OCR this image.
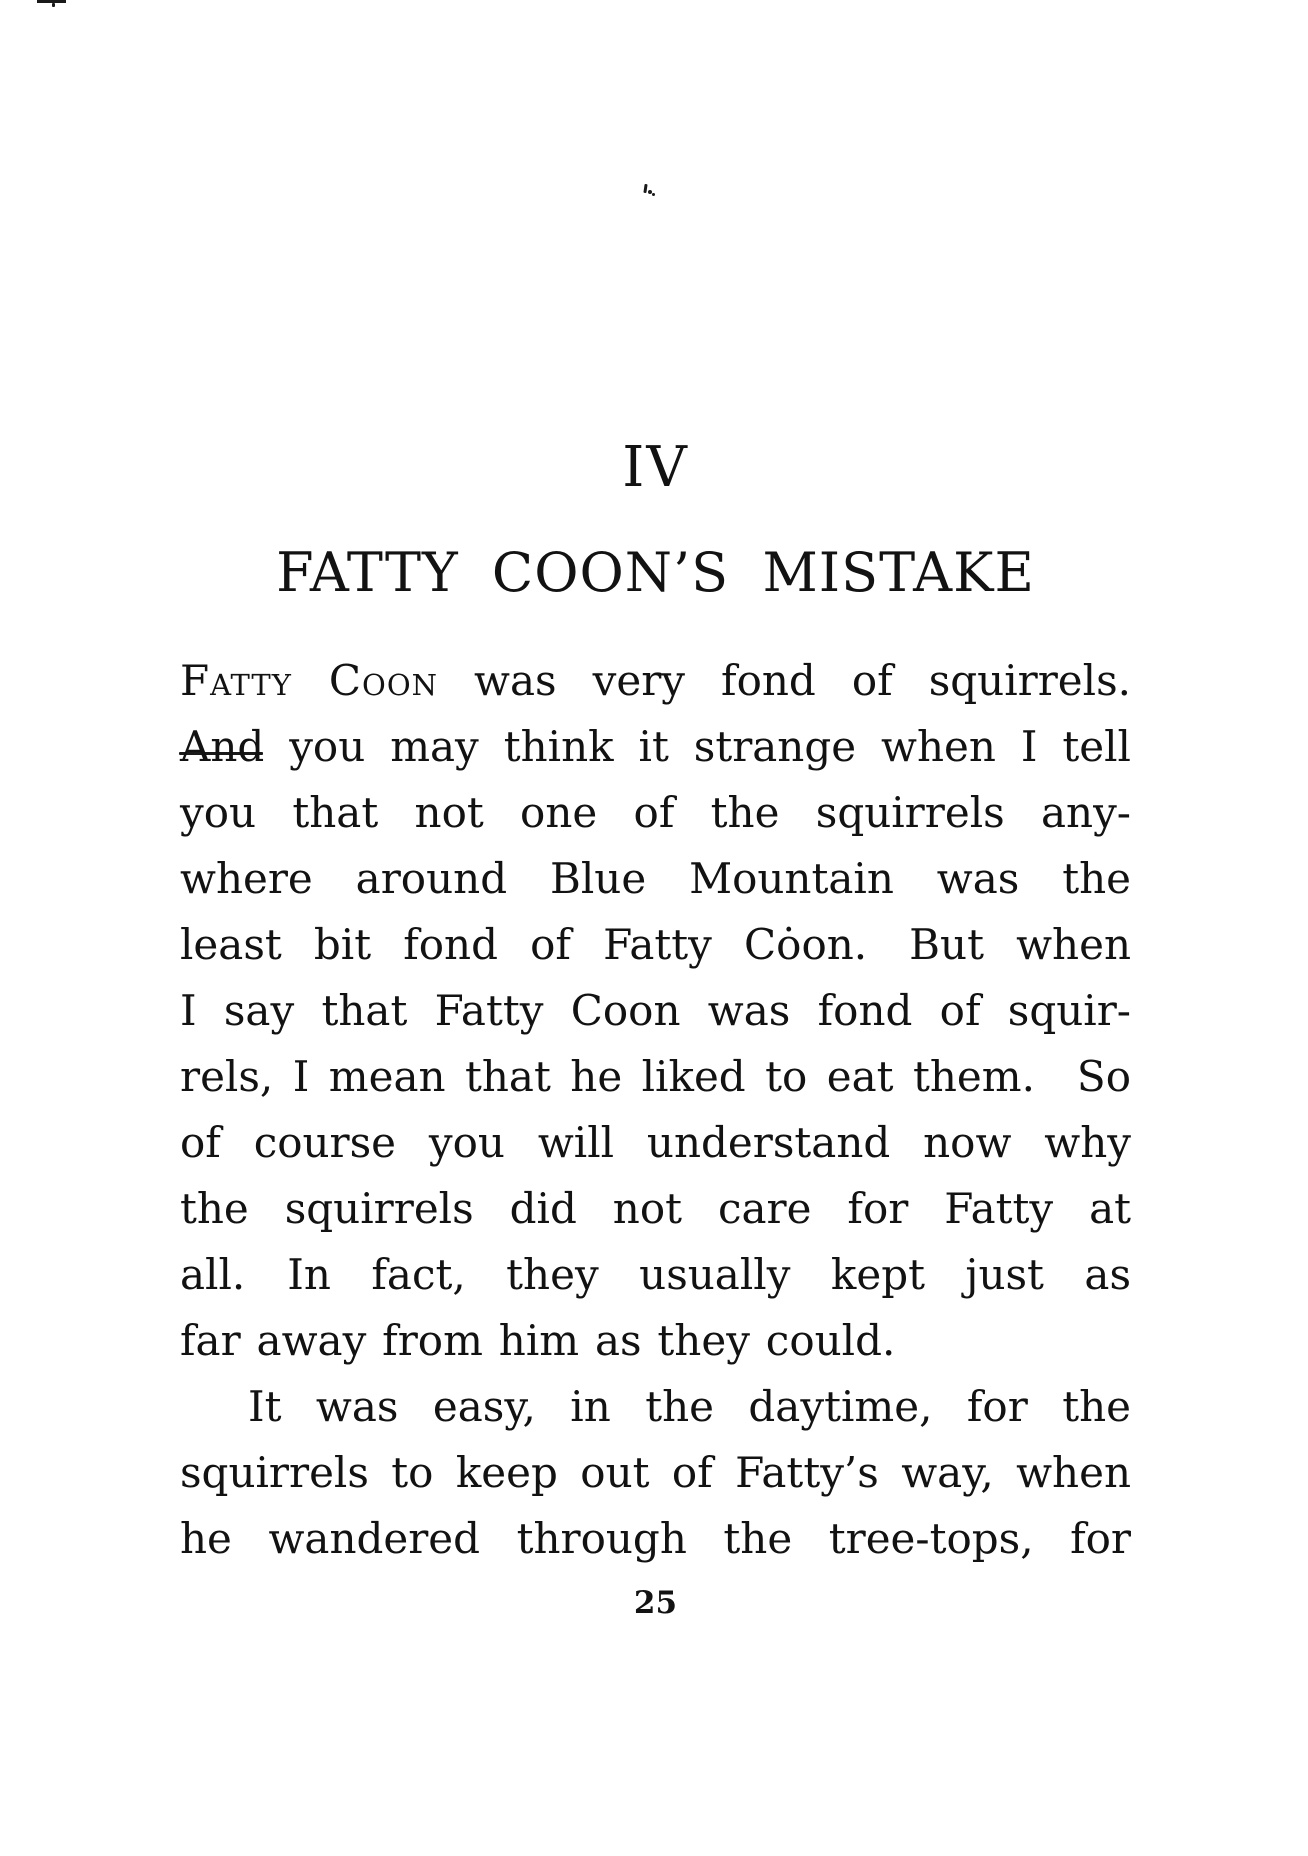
IV
FATTY COON’S MISTAKE
Fatty Coon was very fond of squirrels.
And you may think it strange when I tell
you that not one of the squirrels any-
where around Blue Mountain was the
least bit fond of Fatty Cȯon. But when
I say that Fatty Coon was fond of squir-
rels, I mean that he liked to eat them. So
of course you will understand now why
the squirrels did not care for Fatty at
all. In fact, they usually kept just as
far away from him as they could.
It was easy, in the daytime, for the
squirrels to keep out of Fatty’s way, when
he wandered through the tree-tops, for
25
